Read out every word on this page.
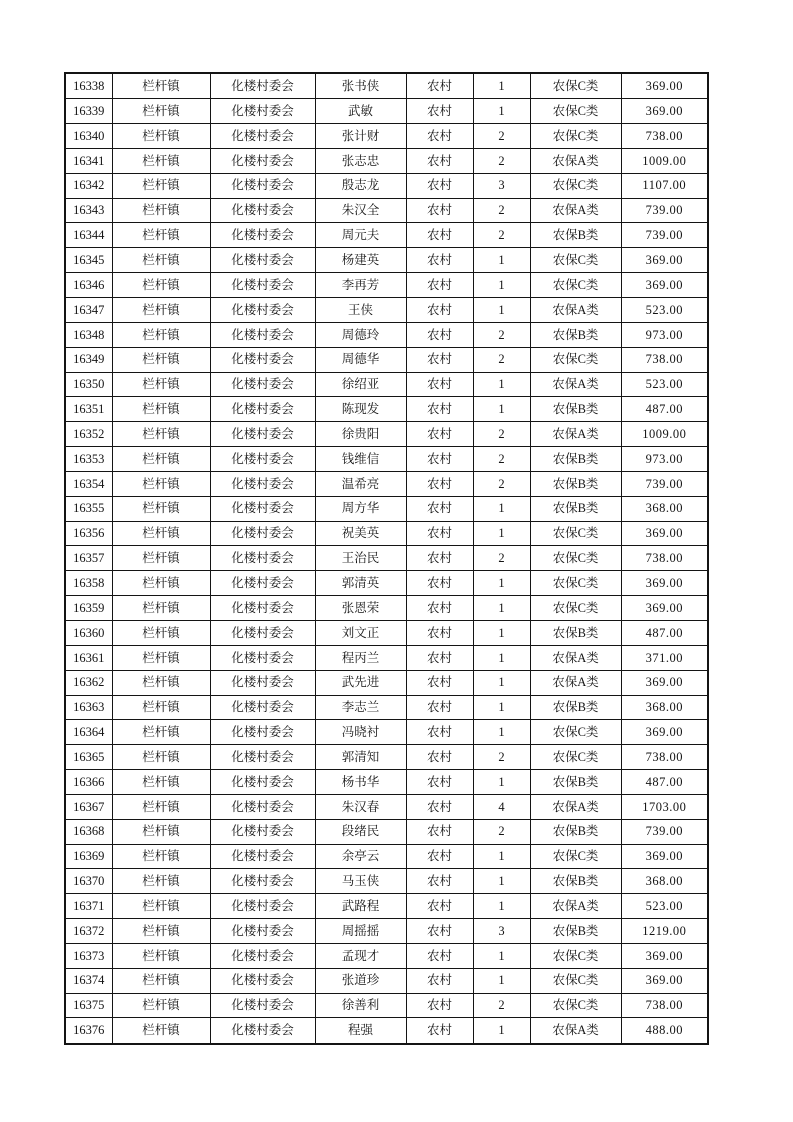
16338	栏杆镇	化楼村委会	张书侠	农村	1	农保C类	369.00
16339	栏杆镇	化楼村委会	武敏	农村	1	农保C类	369.00
16340	栏杆镇	化楼村委会	张计财	农村	2	农保C类	738.00
16341	栏杆镇	化楼村委会	张志忠	农村	2	农保A类	1009.00
16342	栏杆镇	化楼村委会	殷志龙	农村	3	农保C类	1107.00
16343	栏杆镇	化楼村委会	朱汉全	农村	2	农保A类	739.00
16344	栏杆镇	化楼村委会	周元夫	农村	2	农保B类	739.00
16345	栏杆镇	化楼村委会	杨建英	农村	1	农保C类	369.00
16346	栏杆镇	化楼村委会	李再芳	农村	1	农保C类	369.00
16347	栏杆镇	化楼村委会	王侠	农村	1	农保A类	523.00
16348	栏杆镇	化楼村委会	周德玲	农村	2	农保B类	973.00
16349	栏杆镇	化楼村委会	周德华	农村	2	农保C类	738.00
16350	栏杆镇	化楼村委会	徐绍亚	农村	1	农保A类	523.00
16351	栏杆镇	化楼村委会	陈现发	农村	1	农保B类	487.00
16352	栏杆镇	化楼村委会	徐贵阳	农村	2	农保A类	1009.00
16353	栏杆镇	化楼村委会	钱维信	农村	2	农保B类	973.00
16354	栏杆镇	化楼村委会	温希亮	农村	2	农保B类	739.00
16355	栏杆镇	化楼村委会	周方华	农村	1	农保B类	368.00
16356	栏杆镇	化楼村委会	祝美英	农村	1	农保C类	369.00
16357	栏杆镇	化楼村委会	王治民	农村	2	农保C类	738.00
16358	栏杆镇	化楼村委会	郭清英	农村	1	农保C类	369.00
16359	栏杆镇	化楼村委会	张恩荣	农村	1	农保C类	369.00
16360	栏杆镇	化楼村委会	刘文正	农村	1	农保B类	487.00
16361	栏杆镇	化楼村委会	程丙兰	农村	1	农保A类	371.00
16362	栏杆镇	化楼村委会	武先进	农村	1	农保A类	369.00
16363	栏杆镇	化楼村委会	李志兰	农村	1	农保B类	368.00
16364	栏杆镇	化楼村委会	冯晓衬	农村	1	农保C类	369.00
16365	栏杆镇	化楼村委会	郭清知	农村	2	农保C类	738.00
16366	栏杆镇	化楼村委会	杨书华	农村	1	农保B类	487.00
16367	栏杆镇	化楼村委会	朱汉春	农村	4	农保A类	1703.00
16368	栏杆镇	化楼村委会	段绪民	农村	2	农保B类	739.00
16369	栏杆镇	化楼村委会	余亭云	农村	1	农保C类	369.00
16370	栏杆镇	化楼村委会	马玉侠	农村	1	农保B类	368.00
16371	栏杆镇	化楼村委会	武路程	农村	1	农保A类	523.00
16372	栏杆镇	化楼村委会	周摇摇	农村	3	农保B类	1219.00
16373	栏杆镇	化楼村委会	孟现才	农村	1	农保C类	369.00
16374	栏杆镇	化楼村委会	张道珍	农村	1	农保C类	369.00
16375	栏杆镇	化楼村委会	徐善利	农村	2	农保C类	738.00
16376	栏杆镇	化楼村委会	程强	农村	1	农保A类	488.00
